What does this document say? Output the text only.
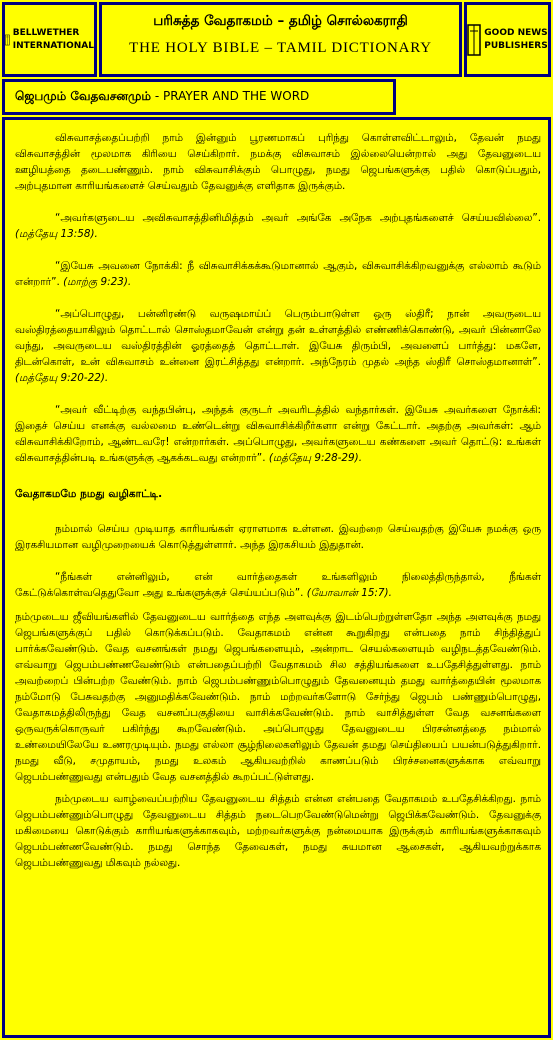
BELLWETHER
INTERNATIONAL
பரிசுத்த வேதாகமம் – தமிழ் சொல்லகராதி
THE HOLY BIBLE – TAMIL DICTIONARY
GOOD NEWS
PUBLISHERS
ஜெபமும் வேதவசனமும் - PRAYER AND THE WORD

விசுவாசத்தைப்பற்றி நாம் இன்னும் பூரணமாகப் புரிந்து கொள்ளவிட்டாலும், தேவன் நமது விசுவாசத்தின் மூலமாக கிரியை செய்கிறார். நமக்கு விசுவாசம் இல்லையென்றால் அது தேவனுடைய ஊழியத்தை தடைபண்ணும். நாம் விசுவாசிக்கும் பொழுது, நமது ஜெபங்களுக்கு பதில் கொடுப்பதும், அற்புதமான காரியங்களைச் செய்வதும் தேவனுக்கு எளிதாக இருக்கும்.

“அவர்களுடைய அவிசுவாசத்தினிமித்தம் அவர் அங்கே அநேக அற்புதங்களைச் செய்யவில்லை”. (மத்தேயு 13:58).

“இயேசு அவனை நோக்கி: நீ விசுவாசிக்கக்கூடுமானால் ஆகும், விசுவாசிக்கிறவனுக்கு எல்லாம் கூடும் என்றார்”. (மாற்கு 9:23).

“அப்பொழுது, பன்னிரண்டு வருஷமாய்ப் பெரும்பாடுள்ள ஒரு ஸ்திரீ; நான் அவருடைய வஸ்திரத்தையாகிலும் தொட்டால் சொஸ்தமாவேன் என்று தன் உள்ளத்தில் எண்ணிக்கொண்டு, அவர் பின்னாலே வந்து, அவருடைய வஸ்திரத்தின் ஓரத்தைத் தொட்டாள். இயேசு திரும்பி, அவளைப் பார்த்து: மகளே, திடன்கொள், உன் விசுவாசம் உன்னை இரட்சித்தது என்றார். அந்நேரம் முதல் அந்த ஸ்திரீ சொஸ்தமானாள்”. (மத்தேயு 9:20-22).

“அவர் வீட்டிற்கு வந்தபின்பு, அந்தக் குருடர் அவரிடத்தில் வந்தார்கள். இயேசு அவர்களை நோக்கி: இதைச் செய்ய எனக்கு வல்லமை உண்டென்று விசுவாசிக்கிறீர்களா என்று கேட்டார். அதற்கு அவர்கள்: ஆம் விசுவாசிக்கிறோம், ஆண்டவரே! என்றார்கள். அப்பொழுது, அவர்களுடைய கண்களை அவர் தொட்டு: உங்கள் விசுவாசத்தின்படி உங்களுக்கு ஆகக்கடவது என்றார்”. (மத்தேயு 9:28-29).

வேதாகமமே நமது வழிகாட்டி.

நம்மால் செய்ய முடியாத காரியங்கள் ஏராளமாக உள்ளன. இவற்றை செய்வதற்கு இயேசு நமக்கு ஒரு இரகசியமான வழிமுறையைக் கொடுத்துள்ளார். அந்த இரகசியம் இதுதான்.

“நீங்கள் என்னிலும், என் வார்த்தைகள் உங்களிலும் நிலைத்திருந்தால், நீங்கள் கேட்டுக்கொள்வதெதுவோ அது உங்களுக்குச் செய்யப்படும்”. (யோவான் 15:7).

நம்முடைய ஜீவியங்களில் தேவனுடைய வார்த்தை எந்த அளவுக்கு இடம்பெற்றுள்ளதோ அந்த அளவுக்கு நமது ஜெபங்களுக்குப் பதில் கொடுக்கப்படும். வேதாகமம் என்ன கூறுகிறது என்பதை நாம் சிந்தித்துப் பார்க்கவேண்டும். வேத வசனங்கள் நமது ஜெபங்களையும், அன்றாட செயல்களையும் வழிநடத்தவேண்டும். எவ்வாறு ஜெபம்பண்ணவேண்டும் என்பதைப்பற்றி வேதாகமம் சில சத்தியங்களை உபதேசித்துள்ளது. நாம் அவற்றைப் பின்பற்ற வேண்டும். நாம் ஜெபம்பண்ணும்பொழுதும் தேவனையும் தமது வார்த்தையின் மூலமாக நம்மோடு பேசுவதற்கு அனுமதிக்கவேண்டும். நாம் மற்றவர்களோடு சேர்ந்து ஜெபம் பண்ணும்பொழுது, வேதாகமத்திலிருந்து வேத வசனப்பகுதியை வாசிக்கவேண்டும். நாம் வாசித்துள்ள வேத வசனங்களை ஒருவருக்கொருவர் பகிர்ந்து கூறவேண்டும். அப்பொழுது தேவனுடைய பிரசன்னத்தை நம்மால் உண்மையிலேயே உணரமுடியும். நமது எல்லா சூழ்நிலைகளிலும் தேவன் தமது செய்தியைப் பயன்படுத்துகிறார். நமது வீடு, சமுதாயம், நமது உலகம் ஆகியவற்றில் காணப்படும் பிரச்சனைகளுக்காக எவ்வாறு ஜெபம்பண்ணுவது என்பதும் வேத வசனத்தில் கூறப்பட்டுள்ளது.

நம்முடைய வாழ்வைப்பற்றிய தேவனுடைய சித்தம் என்ன என்பதை வேதாகமம் உபதேசிக்கிறது. நாம் ஜெபம்பண்ணும்பொழுது தேவனுடைய சித்தம் நடைபெறவேண்டுமென்று ஜெபிக்கவேண்டும். தேவனுக்கு மகிமையை கொடுக்கும் காரியங்களுக்காகவும், மற்றவர்களுக்கு நன்மையாக இருக்கும் காரியங்களுக்காகவும் ஜெபம்பண்ணவேண்டும். நமது சொந்த தேவைகள், நமது சுயமான ஆசைகள், ஆகியவற்றுக்காக ஜெபம்பண்ணுவது மிகவும் நல்லது.
